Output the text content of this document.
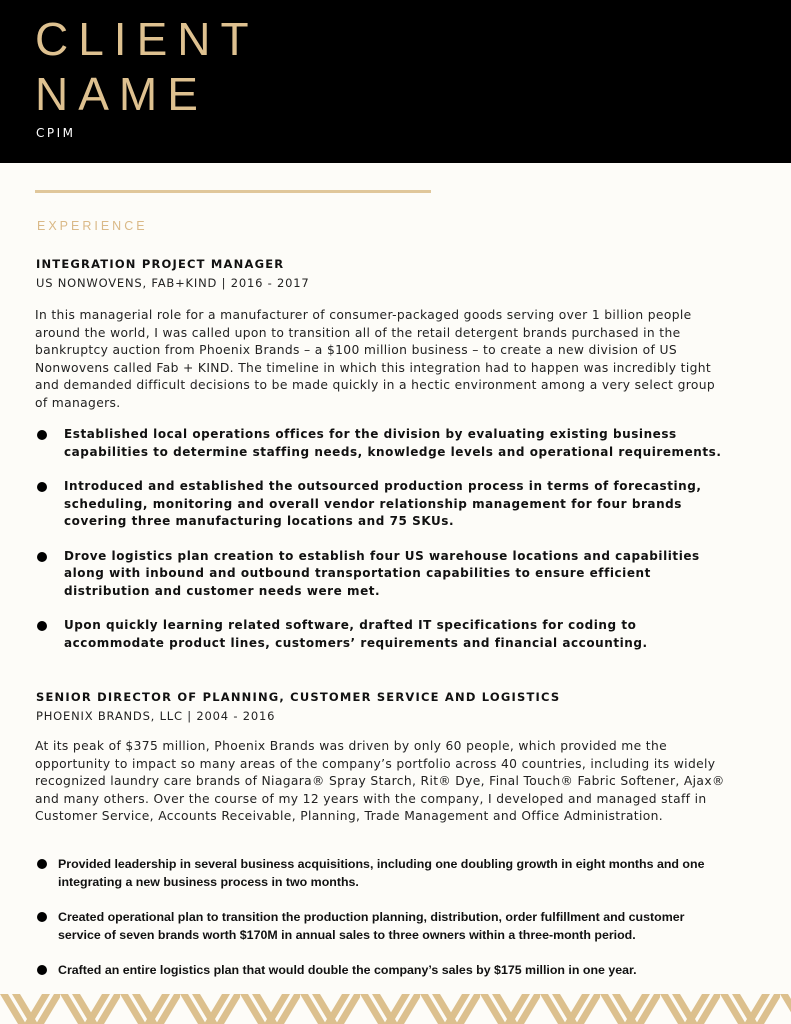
CLIENT
NAME
CPIM
EXPERIENCE
INTEGRATION PROJECT MANAGER
US NONWOVENS, FAB+KIND | 2016 - 2017

In this managerial role for a manufacturer of consumer-packaged goods serving over 1 billion people around the world, I was called upon to transition all of the retail detergent brands purchased in the bankruptcy auction from Phoenix Brands – a $100 million business – to create a new division of US Nonwovens called Fab + KIND. The timeline in which this integration had to happen was incredibly tight and demanded difficult decisions to be made quickly in a hectic environment among a very select group of managers.

Established local operations offices for the division by evaluating existing business capabilities to determine staffing needs, knowledge levels and operational requirements.
Introduced and established the outsourced production process in terms of forecasting, scheduling, monitoring and overall vendor relationship management for four brands covering three manufacturing locations and 75 SKUs.
Drove logistics plan creation to establish four US warehouse locations and capabilities along with inbound and outbound transportation capabilities to ensure efficient distribution and customer needs were met.
Upon quickly learning related software, drafted IT specifications for coding to accommodate product lines, customers’ requirements and financial accounting.
SENIOR DIRECTOR OF PLANNING, CUSTOMER SERVICE AND LOGISTICS
PHOENIX BRANDS, LLC | 2004 - 2016

At its peak of $375 million, Phoenix Brands was driven by only 60 people, which provided me the opportunity to impact so many areas of the company’s portfolio across 40 countries, including its widely recognized laundry care brands of Niagara® Spray Starch, Rit® Dye, Final Touch® Fabric Softener, Ajax® and many others. Over the course of my 12 years with the company, I developed and managed staff in Customer Service, Accounts Receivable, Planning, Trade Management and Office Administration.

Provided leadership in several business acquisitions, including one doubling growth in eight months and one integrating a new business process in two months.
Created operational plan to transition the production planning, distribution, order fulfillment and customer service of seven brands worth $170M in annual sales to three owners within a three-month period.
Crafted an entire logistics plan that would double the company’s sales by $175 million in one year.
